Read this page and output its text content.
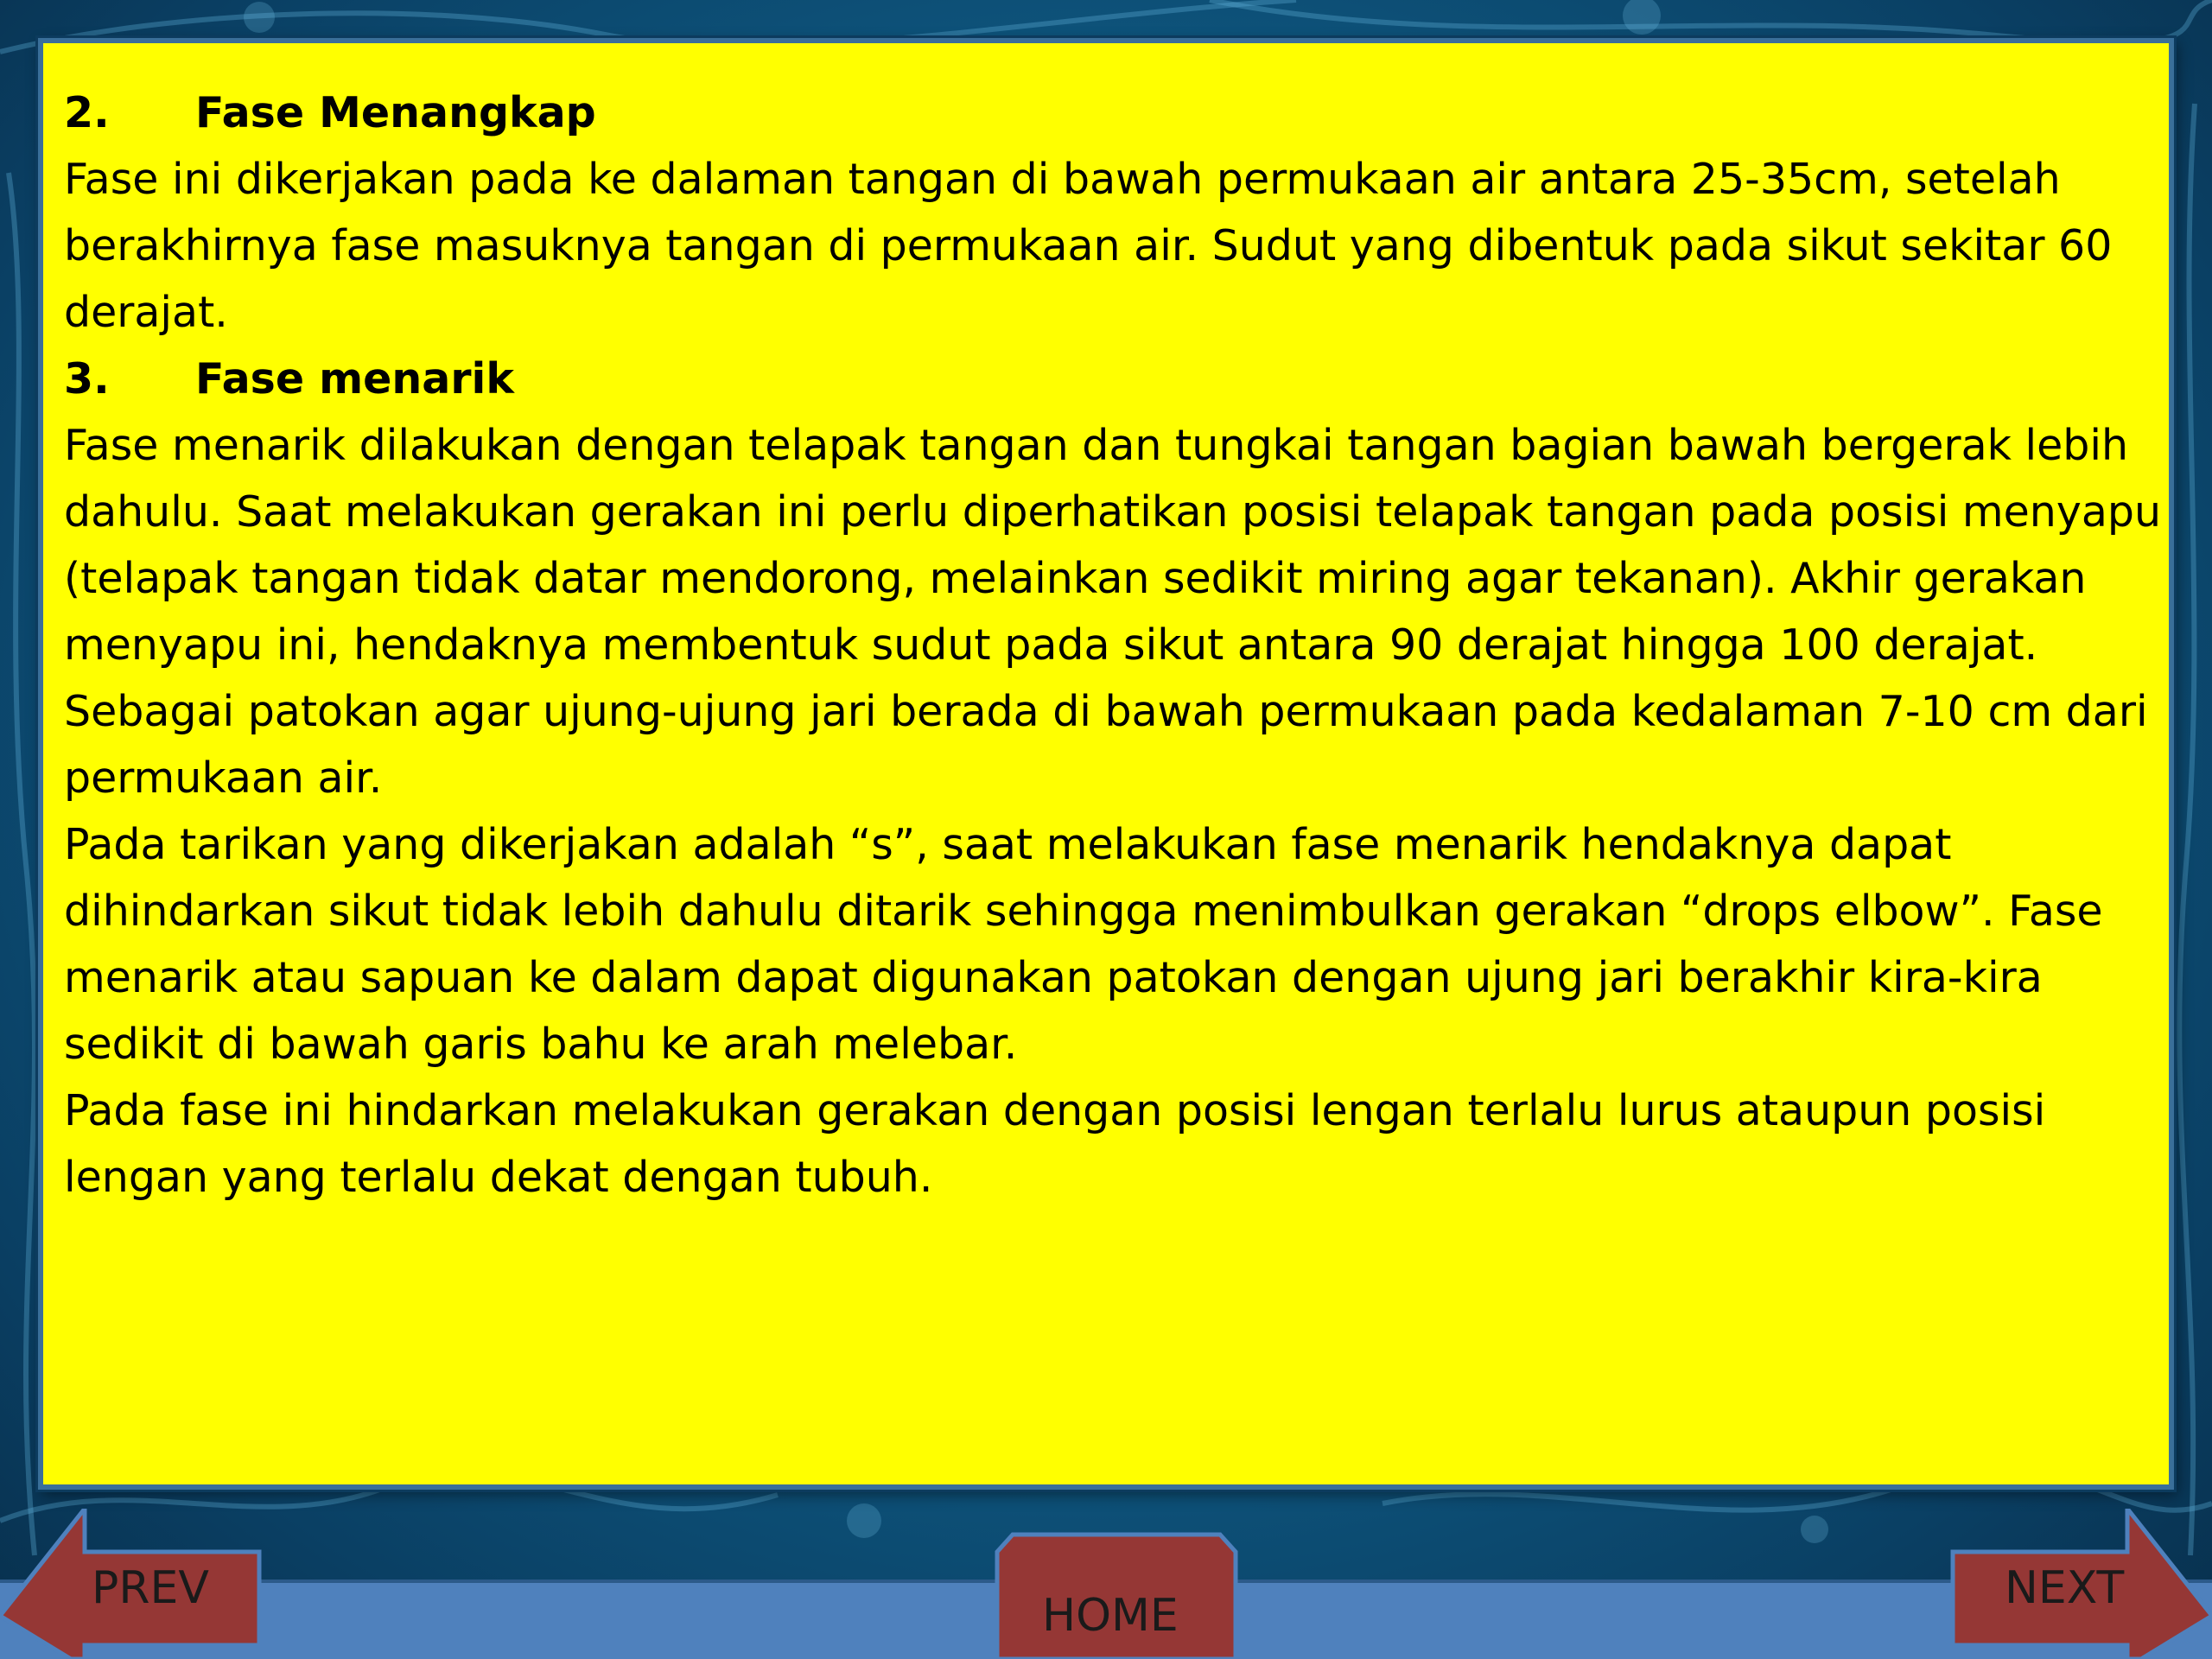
2.	Fase Menangkap

Fase ini dikerjakan pada ke dalaman tangan di bawah permukaan air antara 25-35cm, setelah berakhirnya fase masuknya tangan di permukaan air. Sudut yang dibentuk pada sikut sekitar 60 derajat.

3.	Fase menarik

Fase menarik dilakukan dengan telapak tangan dan tungkai tangan bagian bawah bergerak lebih dahulu. Saat melakukan gerakan ini perlu diperhatikan posisi telapak tangan pada posisi menyapu (telapak tangan tidak datar mendorong, melainkan sedikit miring agar tekanan). Akhir gerakan menyapu ini, hendaknya membentuk sudut pada sikut antara 90 derajat hingga 100 derajat. Sebagai patokan agar ujung-ujung jari berada di bawah permukaan pada kedalaman 7-10 cm dari permukaan air.

Pada tarikan yang dikerjakan adalah “s”, saat melakukan fase menarik hendaknya dapat dihindarkan sikut tidak lebih dahulu ditarik sehingga menimbulkan gerakan “drops elbow”. Fase menarik atau sapuan ke dalam dapat digunakan patokan dengan ujung jari berakhir kira-kira sedikit di bawah garis bahu ke arah melebar.

Pada fase ini hindarkan melakukan gerakan dengan posisi lengan terlalu lurus ataupun posisi lengan yang terlalu dekat dengan tubuh.

PREV
HOME
NEXT
